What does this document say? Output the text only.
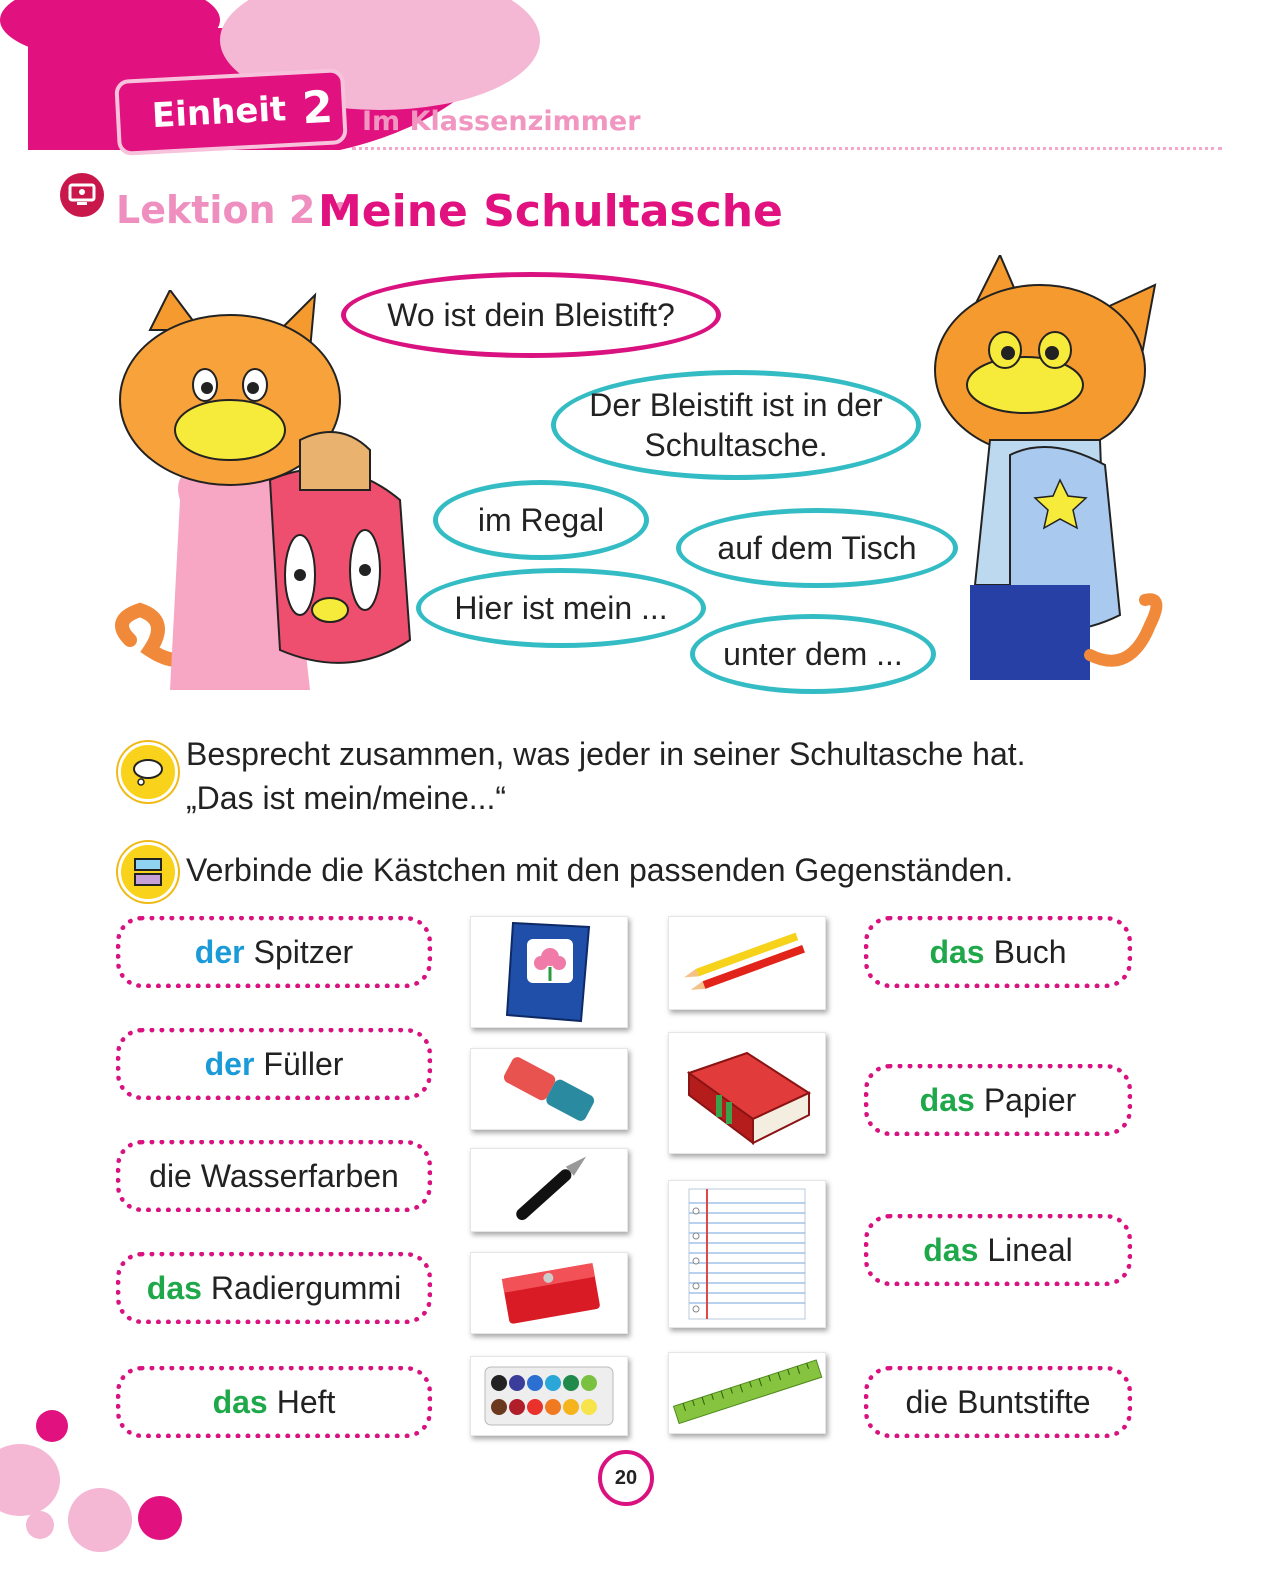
Einheit 2 Im Klassenzimmer
Lektion 2 •
Meine Schultasche
Wo ist dein Bleistift?
Der Bleistift ist in der Schultasche.
im Regal
auf dem Tisch
Hier ist mein ...
unter dem ...
Besprecht zusammen, was jeder in seiner Schultasche hat.
„Das ist mein/meine...“
Verbinde die Kästchen mit den passenden Gegenständen.
der Spitzer
der Füller
die Wasserfarben
das Radiergummi
das Heft
das Buch
das Papier
das Lineal
die Buntstifte
20
